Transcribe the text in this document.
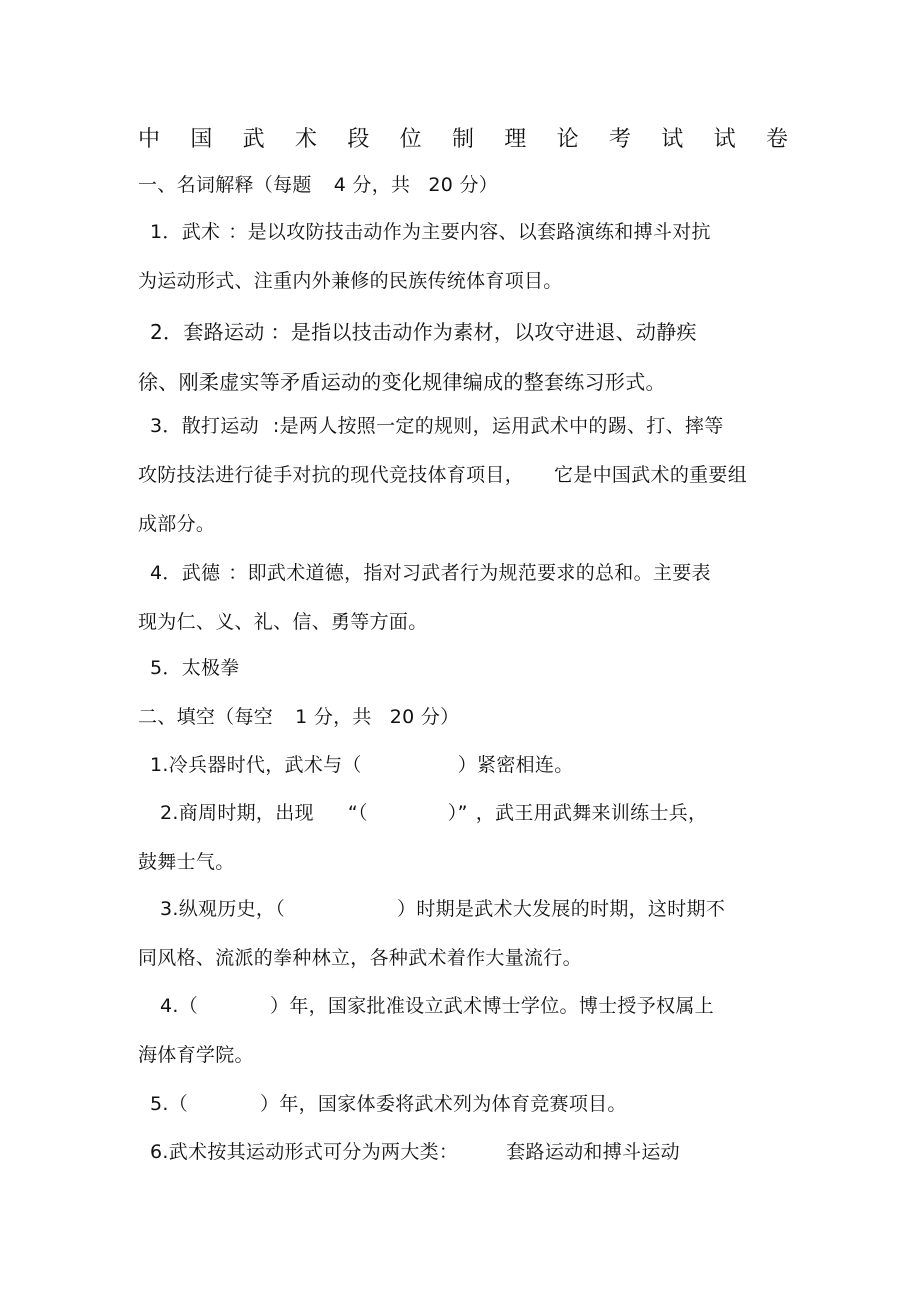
中 国 武 术 段 位 制 理 论 考 试 试 卷
一、名词解释（每题 4 分，共 20 分）
1．武术 ：是以攻防技击动作为主要内容、以套路演练和搏斗对抗
为运动形式、注重内外兼修的民族传统体育项目。
2．套路运动 ：是指以技击动作为素材，以攻守进退、动静疾
徐、刚柔虚实等矛盾运动的变化规律编成的整套练习形式。
3．散打运动 :是两人按照一定的规则，运用武术中的踢、打、摔等
攻防技法进行徒手对抗的现代竞技体育项目， 它是中国武术的重要组
成部分。
4．武德 ：即武术道德，指对习武者行为规范要求的总和。主要表
现为仁、义、礼、信、勇等方面。
5．太极拳
二、填空（每空 1 分，共 20 分）
1.冷兵器时代，武术与（	）紧密相连。
2.商周时期，出现 “（	）” ，武王用武舞来训练士兵，
鼓舞士气。
3.纵观历史，（	）时期是武术大发展的时期，这时期不
同风格、流派的拳种林立，各种武术着作大量流行。
4.（	）年，国家批准设立武术博士学位。博士授予权属上
海体育学院。
5.（	）年，国家体委将武术列为体育竞赛项目。
6.武术按其运动形式可分为两大类：	套路运动和搏斗运动
